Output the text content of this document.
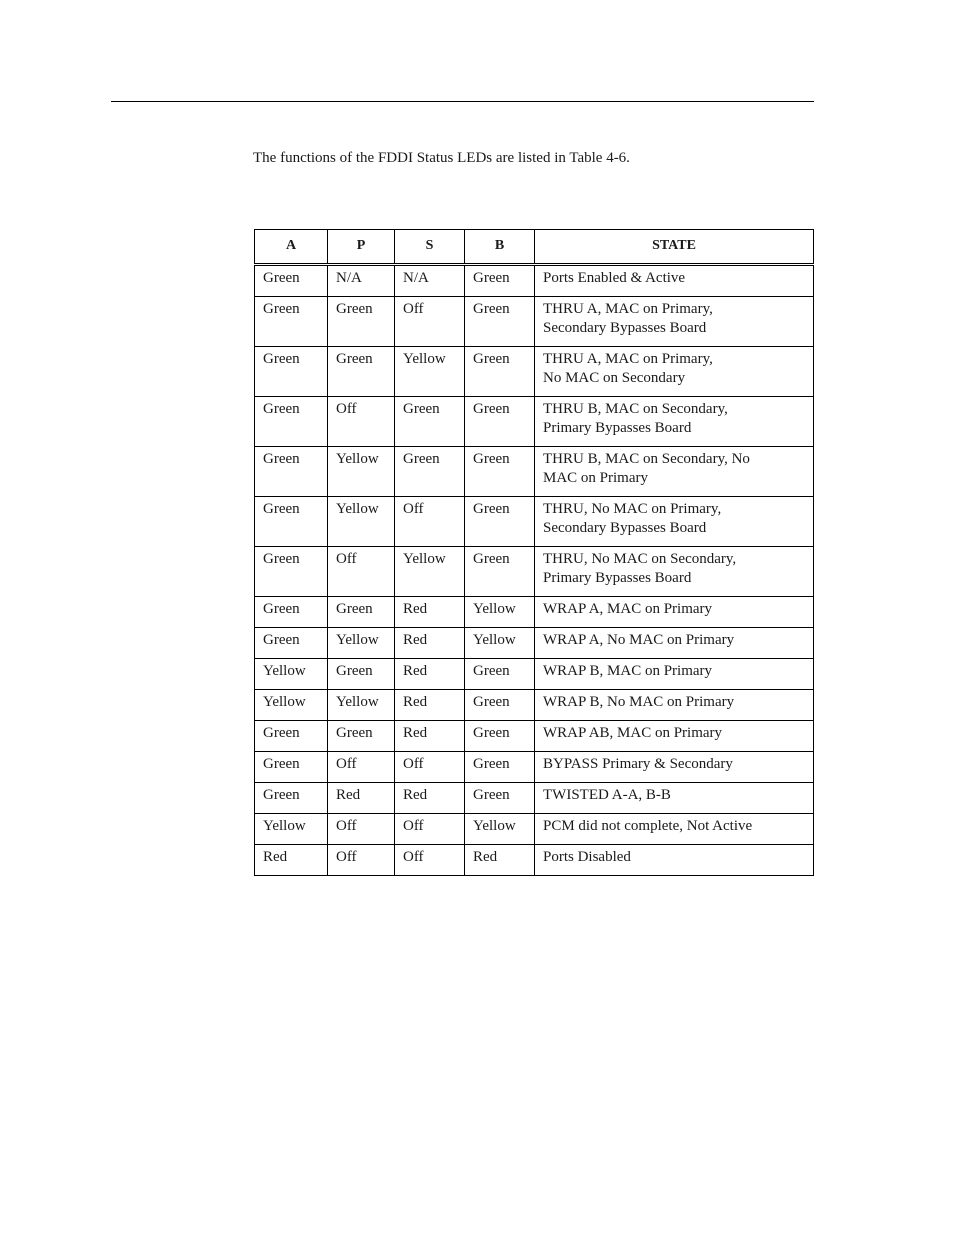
The functions of the FDDI Status LEDs are listed in Table 4-6.

A	P	S	B	STATE
Green	N/A	N/A	Green	Ports Enabled & Active
Green	Green	Off	Green	THRU A, MAC on Primary,
Secondary Bypasses Board
Green	Green	Yellow	Green	THRU A, MAC on Primary,
No MAC on Secondary
Green	Off	Green	Green	THRU B, MAC on Secondary,
Primary Bypasses Board
Green	Yellow	Green	Green	THRU B, MAC on Secondary, No
MAC on Primary
Green	Yellow	Off	Green	THRU, No MAC on Primary,
Secondary Bypasses Board
Green	Off	Yellow	Green	THRU, No MAC on Secondary,
Primary Bypasses Board
Green	Green	Red	Yellow	WRAP A, MAC on Primary
Green	Yellow	Red	Yellow	WRAP A, No MAC on Primary
Yellow	Green	Red	Green	WRAP B, MAC on Primary
Yellow	Yellow	Red	Green	WRAP B, No MAC on Primary
Green	Green	Red	Green	WRAP AB, MAC on Primary
Green	Off	Off	Green	BYPASS Primary & Secondary
Green	Red	Red	Green	TWISTED A-A, B-B
Yellow	Off	Off	Yellow	PCM did not complete, Not Active
Red	Off	Off	Red	Ports Disabled
